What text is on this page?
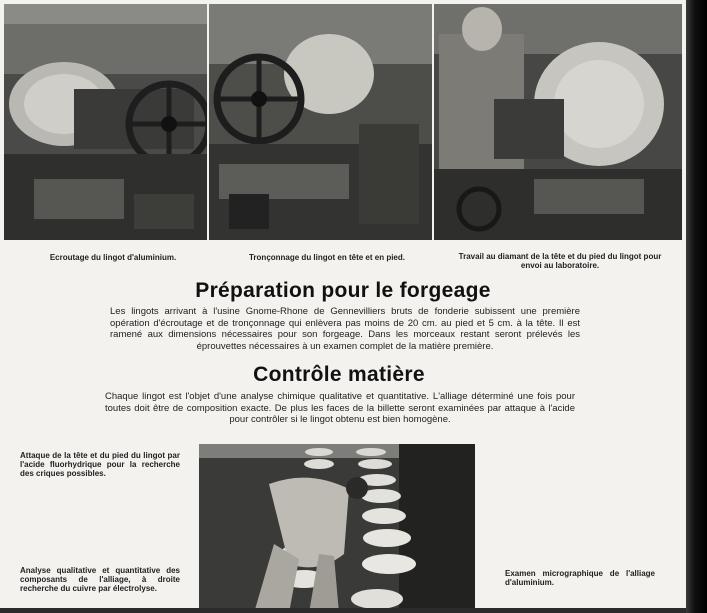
Ecroutage du lingot d'aluminium.	Tronçonnage du lingot en tête et en pied.	Travail au diamant de la tête et du pied du lingot pour envoi au laboratoire.
Préparation pour le forgeage
Les lingots arrivant à l'usine Gnome-Rhone de Gennevilliers bruts de fonderie subissent une première opération d'écroutage et de tronçonnage qui enlèvera pas moins de 20 cm. au pied et 5 cm. à la tête. Il est ramené aux dimensions nécessaires pour son forgeage. Dans les morceaux restant seront prélevés les éprouvettes nécessaires à un examen complet de la matière première.
Contrôle matière
Chaque lingot est l'objet d'une analyse chimique qualitative et quantitative. L'alliage déterminé une fois pour toutes doit être de composition exacte. De plus les faces de la billette seront examinées par attaque à l'acide pour contrôler si le lingot obtenu est bien homogène.
Attaque de la tête et du pied du lingot par l'acide fluorhydrique pour la recherche des criques possibles.
Analyse qualitative et quantitative des composants de l'alliage, à droite recherche du cuivre par électrolyse.
Examen micrographique de l'alliage d'aluminium.
